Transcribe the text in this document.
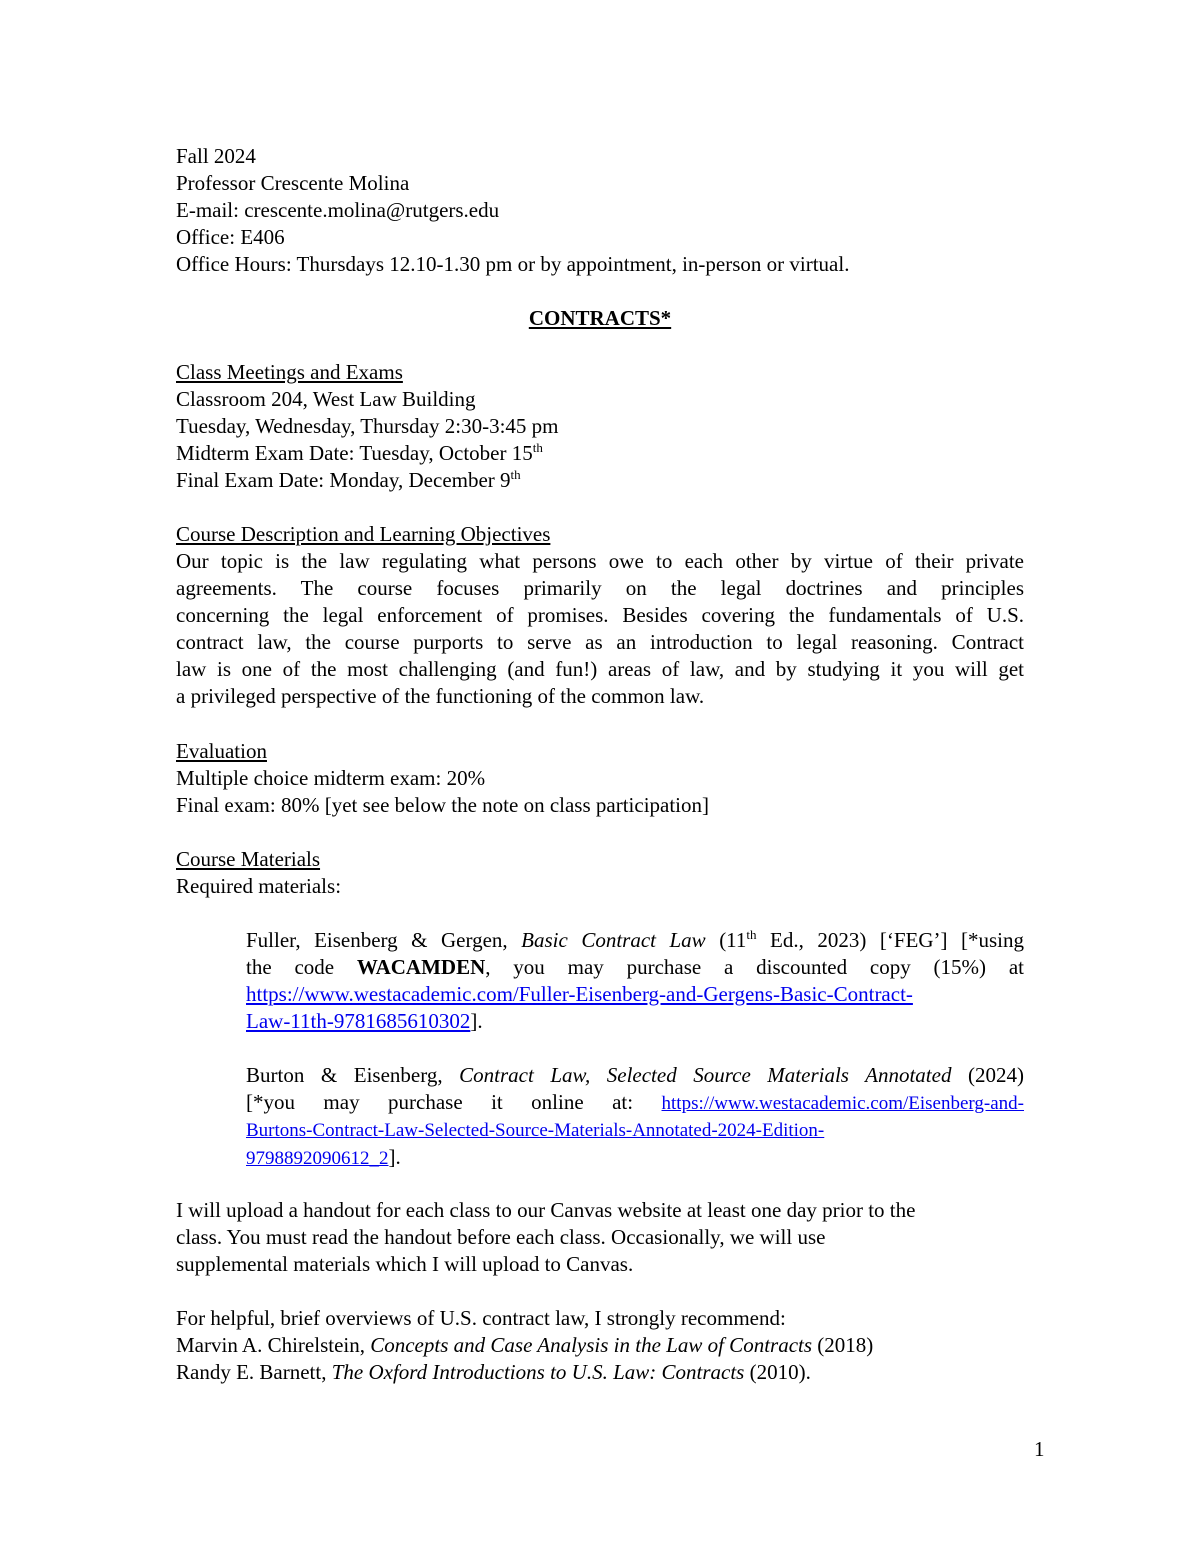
Fall 2024
Professor Crescente Molina
E-mail: crescente.molina@rutgers.edu
Office: E406
Office Hours: Thursdays 12.10-1.30 pm or by appointment, in-person or virtual.
CONTRACTS*
Class Meetings and Exams
Classroom 204, West Law Building
Tuesday, Wednesday, Thursday 2:30-3:45 pm
Midterm Exam Date: Tuesday, October 15th
Final Exam Date: Monday, December 9th
Course Description and Learning Objectives
Our topic is the law regulating what persons owe to each other by virtue of their private
agreements. The course focuses primarily on the legal doctrines and principles
concerning the legal enforcement of promises. Besides covering the fundamentals of U.S.
contract law, the course purports to serve as an introduction to legal reasoning. Contract
law is one of the most challenging (and fun!) areas of law, and by studying it you will get
a privileged perspective of the functioning of the common law.
Evaluation
Multiple choice midterm exam: 20%
Final exam: 80% [yet see below the note on class participation]
Course Materials
Required materials:
Fuller, Eisenberg & Gergen, Basic Contract Law (11th Ed., 2023) [‘FEG’] [*using
the code WACAMDEN, you may purchase a discounted copy (15%) at
https://www.westacademic.com/Fuller-Eisenberg-and-Gergens-Basic-Contract-
Law-11th-9781685610302].
Burton & Eisenberg, Contract Law, Selected Source Materials Annotated (2024)
[*you may purchase it online at: https://www.westacademic.com/Eisenberg-and-
Burtons-Contract-Law-Selected-Source-Materials-Annotated-2024-Edition-
9798892090612_2].
I will upload a handout for each class to our Canvas website at least one day prior to the
class. You must read the handout before each class. Occasionally, we will use
supplemental materials which I will upload to Canvas.
For helpful, brief overviews of U.S. contract law, I strongly recommend:
Marvin A. Chirelstein, Concepts and Case Analysis in the Law of Contracts (2018)
Randy E. Barnett, The Oxford Introductions to U.S. Law: Contracts (2010).
1
